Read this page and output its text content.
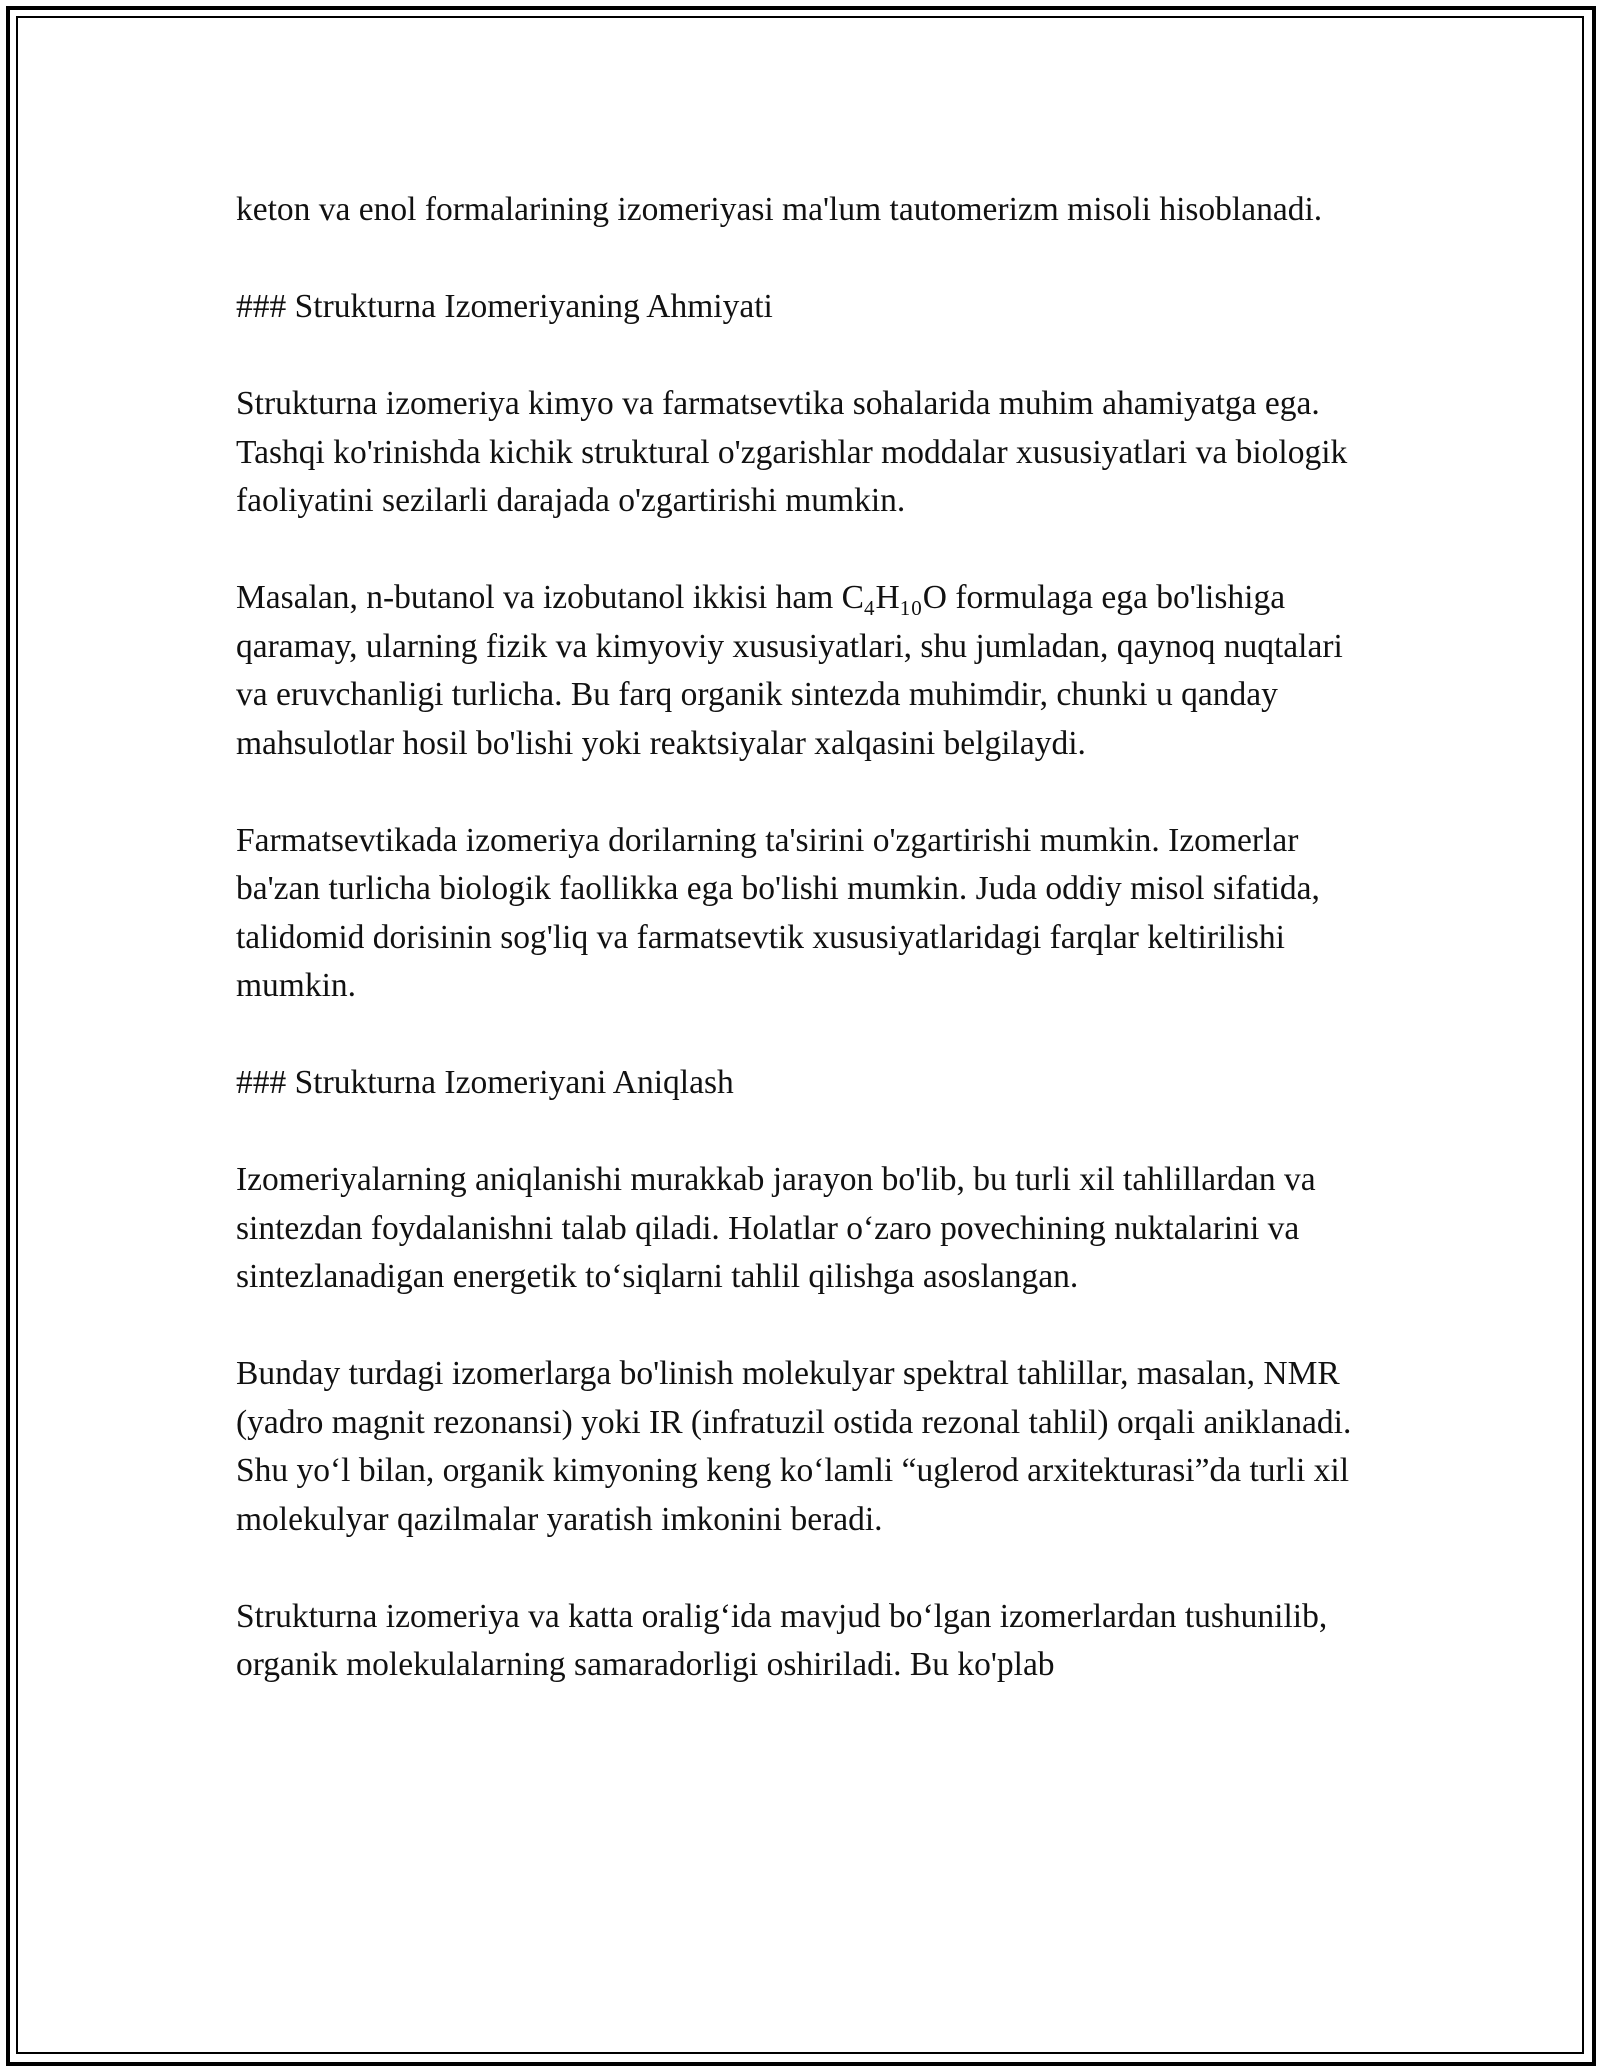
keton va enol formalarining izomeriyasi ma'lum tautomerizm misoli hisoblanadi.

### Strukturna Izomeriyaning Ahmiyati

Strukturna izomeriya kimyo va farmatsevtika sohalarida muhim ahamiyatga ega. Tashqi ko'rinishda kichik struktural o'zgarishlar moddalar xususiyatlari va biologik faoliyatini sezilarli darajada o'zgartirishi mumkin.

Masalan, n-butanol va izobutanol ikkisi ham $C_4H_{10}O$ formulaga ega bo'lishiga qaramay, ularning fizik va kimyoviy xususiyatlari, shu jumladan, qaynoq nuqtalari va eruvchanligi turlicha. Bu farq organik sintezda muhimdir, chunki u qanday mahsulotlar hosil bo'lishi yoki reaktsiyalar xalqasini belgilaydi.

Farmatsevtikada izomeriya dorilarning ta'sirini o'zgartirishi mumkin. Izomerlar ba'zan turlicha biologik faollikka ega bo'lishi mumkin. Juda oddiy misol sifatida, talidomid dorisinin sog'liq va farmatsevtik xususiyatlaridagi farqlar keltirilishi mumkin.

### Strukturna Izomeriyani Aniqlash

Izomeriyalarning aniqlanishi murakkab jarayon bo'lib, bu turli xil tahlillardan va sintezdan foydalanishni talab qiladi. Holatlar o‘zaro povechining nuktalarini va sintezlanadigan energetik to‘siqlarni tahlil qilishga asoslangan.

Bunday turdagi izomerlarga bo'linish molekulyar spektral tahlillar, masalan, NMR (yadro magnit rezonansi) yoki IR (infratuzil ostida rezonal tahlil) orqali aniklanadi. Shu yo‘l bilan, organik kimyoning keng ko‘lamli “uglerod arxitekturasi”da turli xil molekulyar qazilmalar yaratish imkonini beradi.

Strukturna izomeriya va katta oralig‘ida mavjud bo‘lgan izomerlardan tushunilib, organik molekulalarning samaradorligi oshiriladi. Bu ko'plab
